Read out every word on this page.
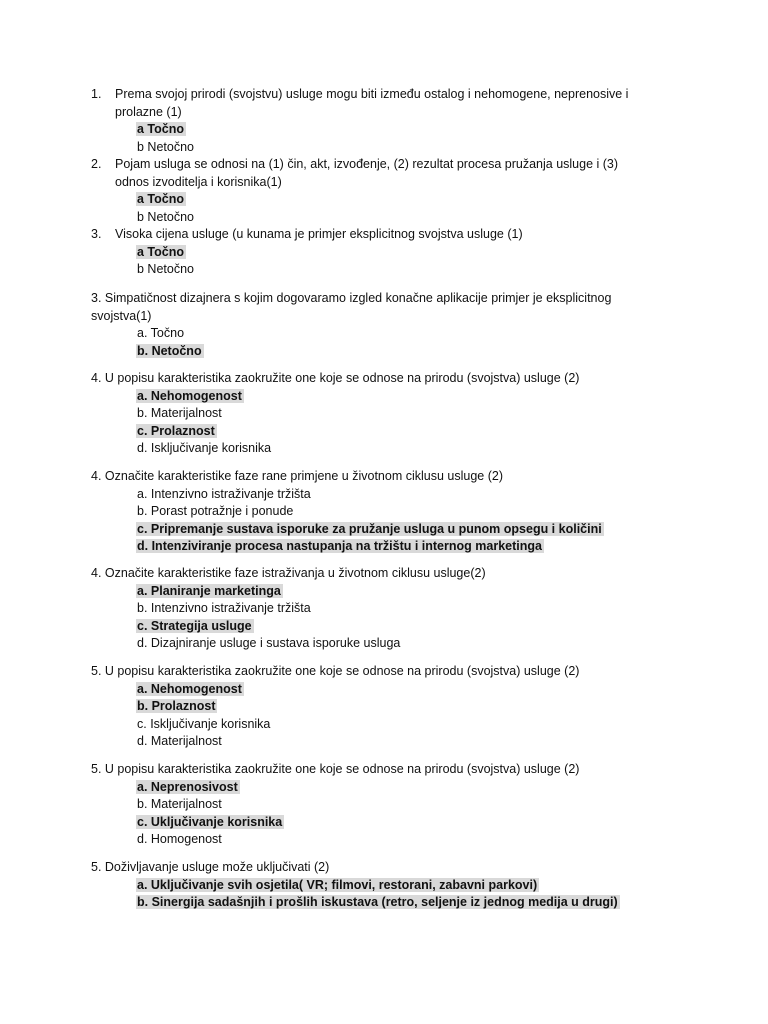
1. Prema svojoj prirodi (svojstvu) usluge mogu biti između ostalog i nehomogene, neprenosive i prolazne (1)
a Točno
b Netočno
2. Pojam usluga se odnosi na (1) čin, akt, izvođenje, (2) rezultat procesa pružanja usluge i (3) odnos izvoditelja i korisnika(1)
a Točno
b Netočno
3. Visoka cijena usluge (u kunama je primjer eksplicitnog svojstva usluge (1)
a Točno
b Netočno
3. Simpatičnost dizajnera s kojim dogovaramo izgled konačne aplikacije primjer je eksplicitnog svojstva(1)
a. Točno
b. Netočno
4. U popisu karakteristika zaokružite one koje se odnose na prirodu (svojstva) usluge (2)
a. Nehomogenost
b. Materijalnost
c. Prolaznost
d. Isključivanje korisnika
4. Označite karakteristike faze rane primjene u životnom ciklusu usluge (2)
a. Intenzivno istraživanje tržišta
b. Porast potražnje i ponude
c. Pripremanje sustava isporuke za pružanje usluga u punom opsegu i količini
d. Intenziviranje procesa nastupanja na tržištu i internog marketinga
4. Označite karakteristike faze istraživanja u životnom ciklusu usluge(2)
a. Planiranje marketinga
b. Intenzivno istraživanje tržišta
c. Strategija usluge
d. Dizajniranje usluge i sustava isporuke usluga
5. U popisu karakteristika zaokružite one koje se odnose na prirodu (svojstva) usluge (2)
a. Nehomogenost
b. Prolaznost
c. Isključivanje korisnika
d. Materijalnost
5. U popisu karakteristika zaokružite one koje se odnose na prirodu (svojstva) usluge (2)
a. Neprenosivost
b. Materijalnost
c. Uključivanje korisnika
d. Homogenost
5. Doživljavanje usluge može uključivati (2)
a. Uključivanje svih osjetila( VR; filmovi, restorani, zabavni parkovi)
b. Sinergija sadašnjih i prošlih iskustava (retro, seljenje iz jednog medija u drugi)
